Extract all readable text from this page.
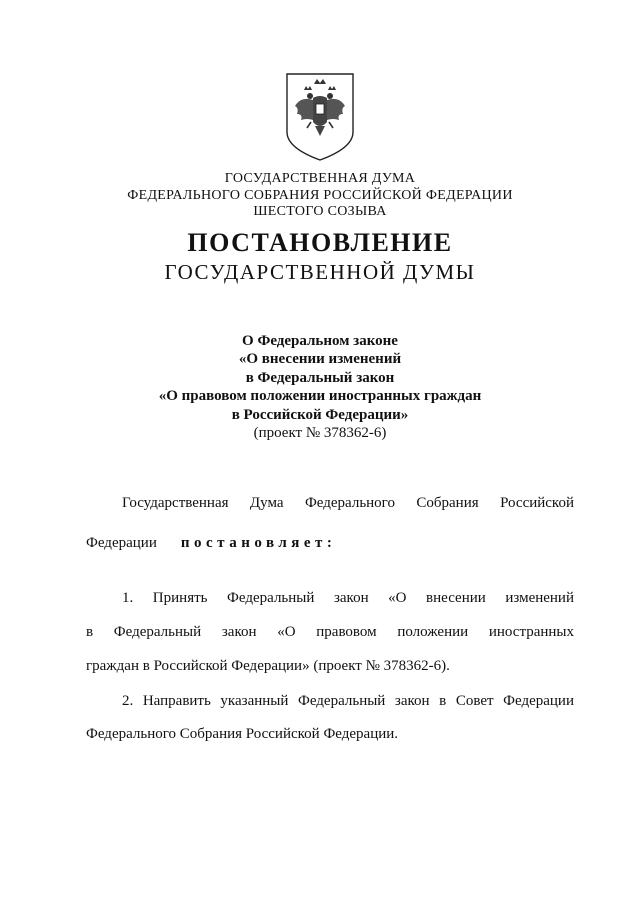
ГОСУДАРСТВЕННАЯ ДУМА
ФЕДЕРАЛЬНОГО СОБРАНИЯ РОССИЙСКОЙ ФЕДЕРАЦИИ
ШЕСТОГО СОЗЫВА
ПОСТАНОВЛЕНИЕ
ГОСУДАРСТВЕННОЙ ДУМЫ
О Федеральном законе
«О внесении изменений
в Федеральный закон
«О правовом положении иностранных граждан
в Российской Федерации»
(проект № 378362-6)
Государственная Дума Федерального Собрания Российской
Федерации постановляет:
1. Принять Федеральный закон «О внесении изменений
в Федеральный закон «О правовом положении иностранных
граждан в Российской Федерации» (проект № 378362-6).
2. Направить указанный Федеральный закон в Совет Федерации
Федерального Собрания Российской Федерации.
